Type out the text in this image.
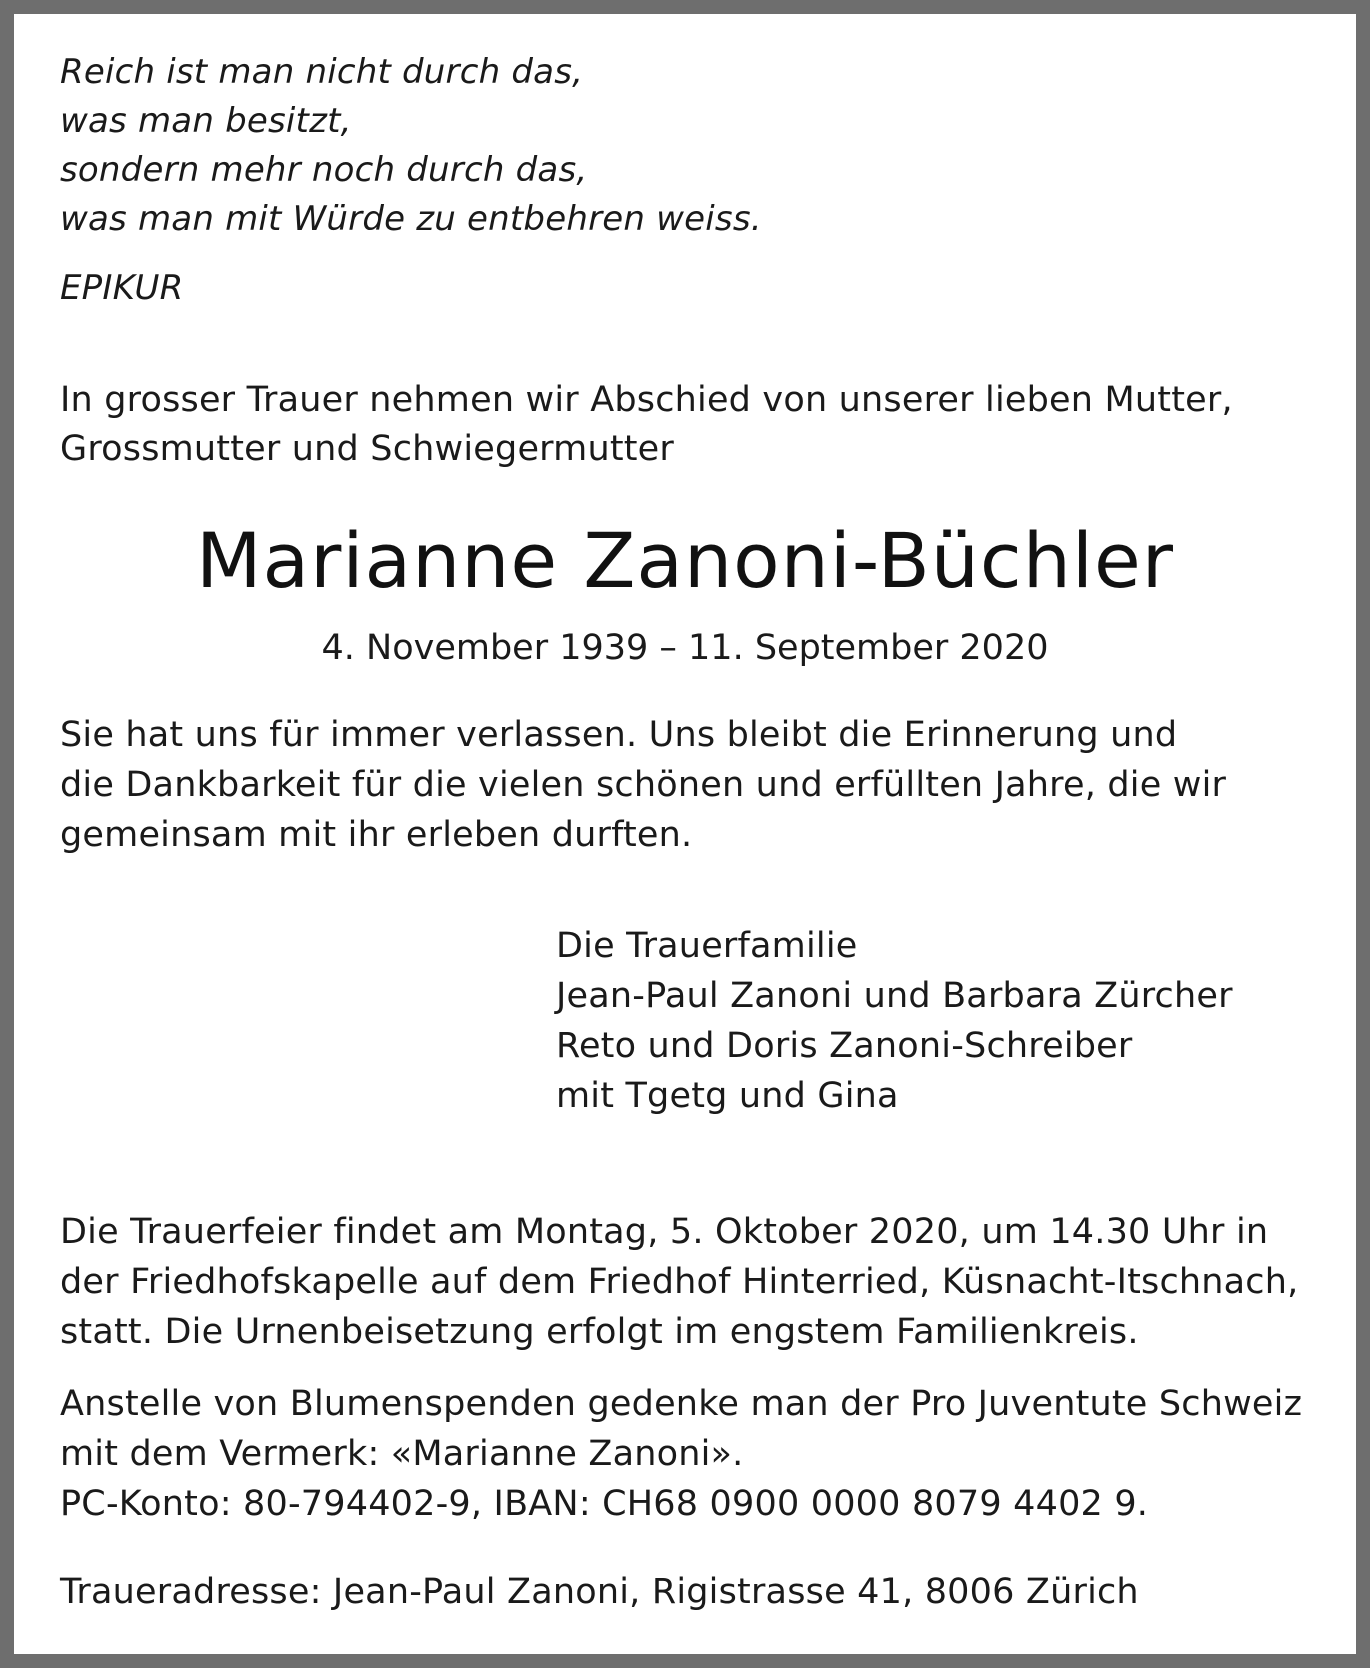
Reich ist man nicht durch das,
was man besitzt,
sondern mehr noch durch das,
was man mit Würde zu entbehren weiss.
EPIKUR
In grosser Trauer nehmen wir Abschied von unserer lieben Mutter,
Grossmutter und Schwiegermutter
Marianne Zanoni-Büchler
4. November 1939 – 11. September 2020
Sie hat uns für immer verlassen. Uns bleibt die Erinnerung und
die Dankbarkeit für die vielen schönen und erfüllten Jahre, die wir
gemeinsam mit ihr erleben durften.
Die Trauerfamilie
Jean-Paul Zanoni und Barbara Zürcher
Reto und Doris Zanoni-Schreiber
mit Tgetg und Gina
Die Trauerfeier findet am Montag, 5. Oktober 2020, um 14.30 Uhr in
der Friedhofskapelle auf dem Friedhof Hinterried, Küsnacht-Itschnach,
statt. Die Urnenbeisetzung erfolgt im engstem Familienkreis.
Anstelle von Blumenspenden gedenke man der Pro Juventute Schweiz
mit dem Vermerk: «Marianne Zanoni».
PC-Konto: 80-794402-9, IBAN: CH68 0900 0000 8079 4402 9.
Traueradresse: Jean-Paul Zanoni, Rigistrasse 41, 8006 Zürich
